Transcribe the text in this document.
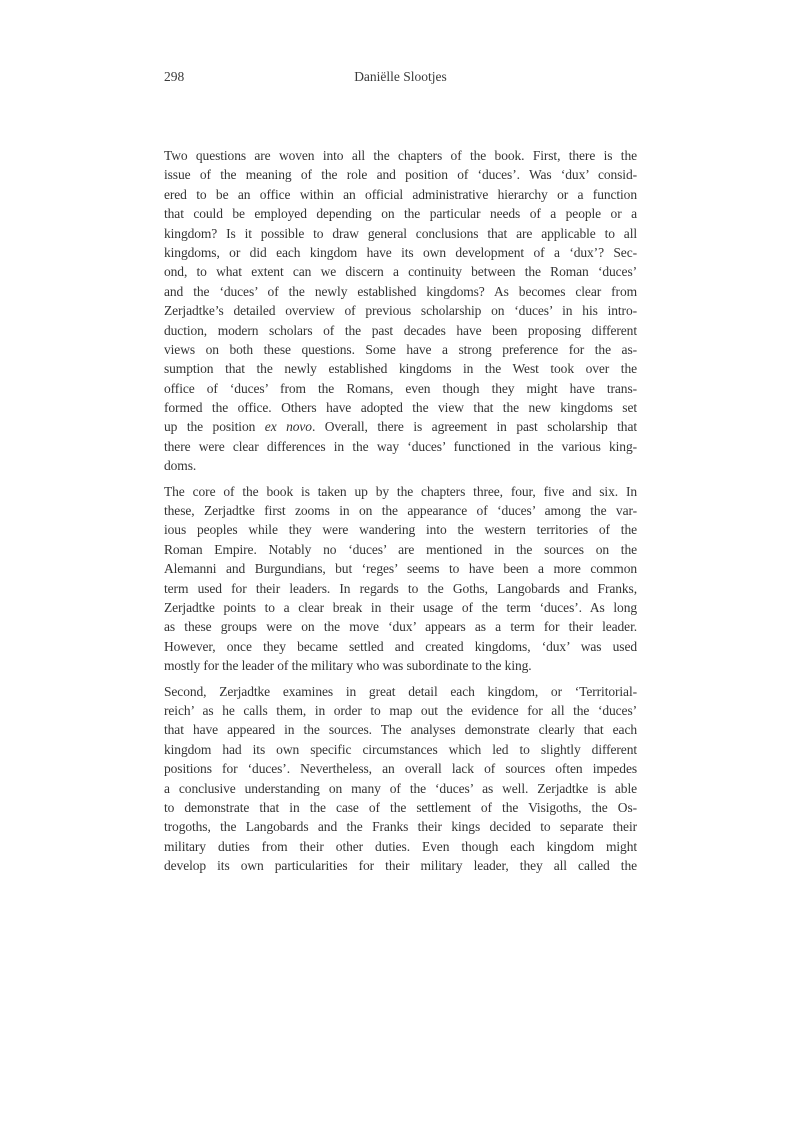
298	Daniëlle Slootjes
Two questions are woven into all the chapters of the book. First, there is the
issue of the meaning of the role and position of ‘duces’. Was ‘dux’ consid-
ered to be an office within an official administrative hierarchy or a function
that could be employed depending on the particular needs of a people or a
kingdom? Is it possible to draw general conclusions that are applicable to all
kingdoms, or did each kingdom have its own development of a ‘dux’? Sec-
ond, to what extent can we discern a continuity between the Roman ‘duces’
and the ‘duces’ of the newly established kingdoms? As becomes clear from
Zerjadtke’s detailed overview of previous scholarship on ‘duces’ in his intro-
duction, modern scholars of the past decades have been proposing different
views on both these questions. Some have a strong preference for the as-
sumption that the newly established kingdoms in the West took over the
office of ‘duces’ from the Romans, even though they might have trans-
formed the office. Others have adopted the view that the new kingdoms set
up the position ex novo. Overall, there is agreement in past scholarship that
there were clear differences in the way ‘duces’ functioned in the various king-
doms.
The core of the book is taken up by the chapters three, four, five and six. In
these, Zerjadtke first zooms in on the appearance of ‘duces’ among the var-
ious peoples while they were wandering into the western territories of the
Roman Empire. Notably no ‘duces’ are mentioned in the sources on the
Alemanni and Burgundians, but ‘reges’ seems to have been a more common
term used for their leaders. In regards to the Goths, Langobards and Franks,
Zerjadtke points to a clear break in their usage of the term ‘duces’. As long
as these groups were on the move ‘dux’ appears as a term for their leader.
However, once they became settled and created kingdoms, ‘dux’ was used
mostly for the leader of the military who was subordinate to the king.
Second, Zerjadtke examines in great detail each kingdom, or ‘Territorial-
reich’ as he calls them, in order to map out the evidence for all the ‘duces’
that have appeared in the sources. The analyses demonstrate clearly that each
kingdom had its own specific circumstances which led to slightly different
positions for ‘duces’. Nevertheless, an overall lack of sources often impedes
a conclusive understanding on many of the ‘duces’ as well. Zerjadtke is able
to demonstrate that in the case of the settlement of the Visigoths, the Os-
trogoths, the Langobards and the Franks their kings decided to separate their
military duties from their other duties. Even though each kingdom might
develop its own particularities for their military leader, they all called the
